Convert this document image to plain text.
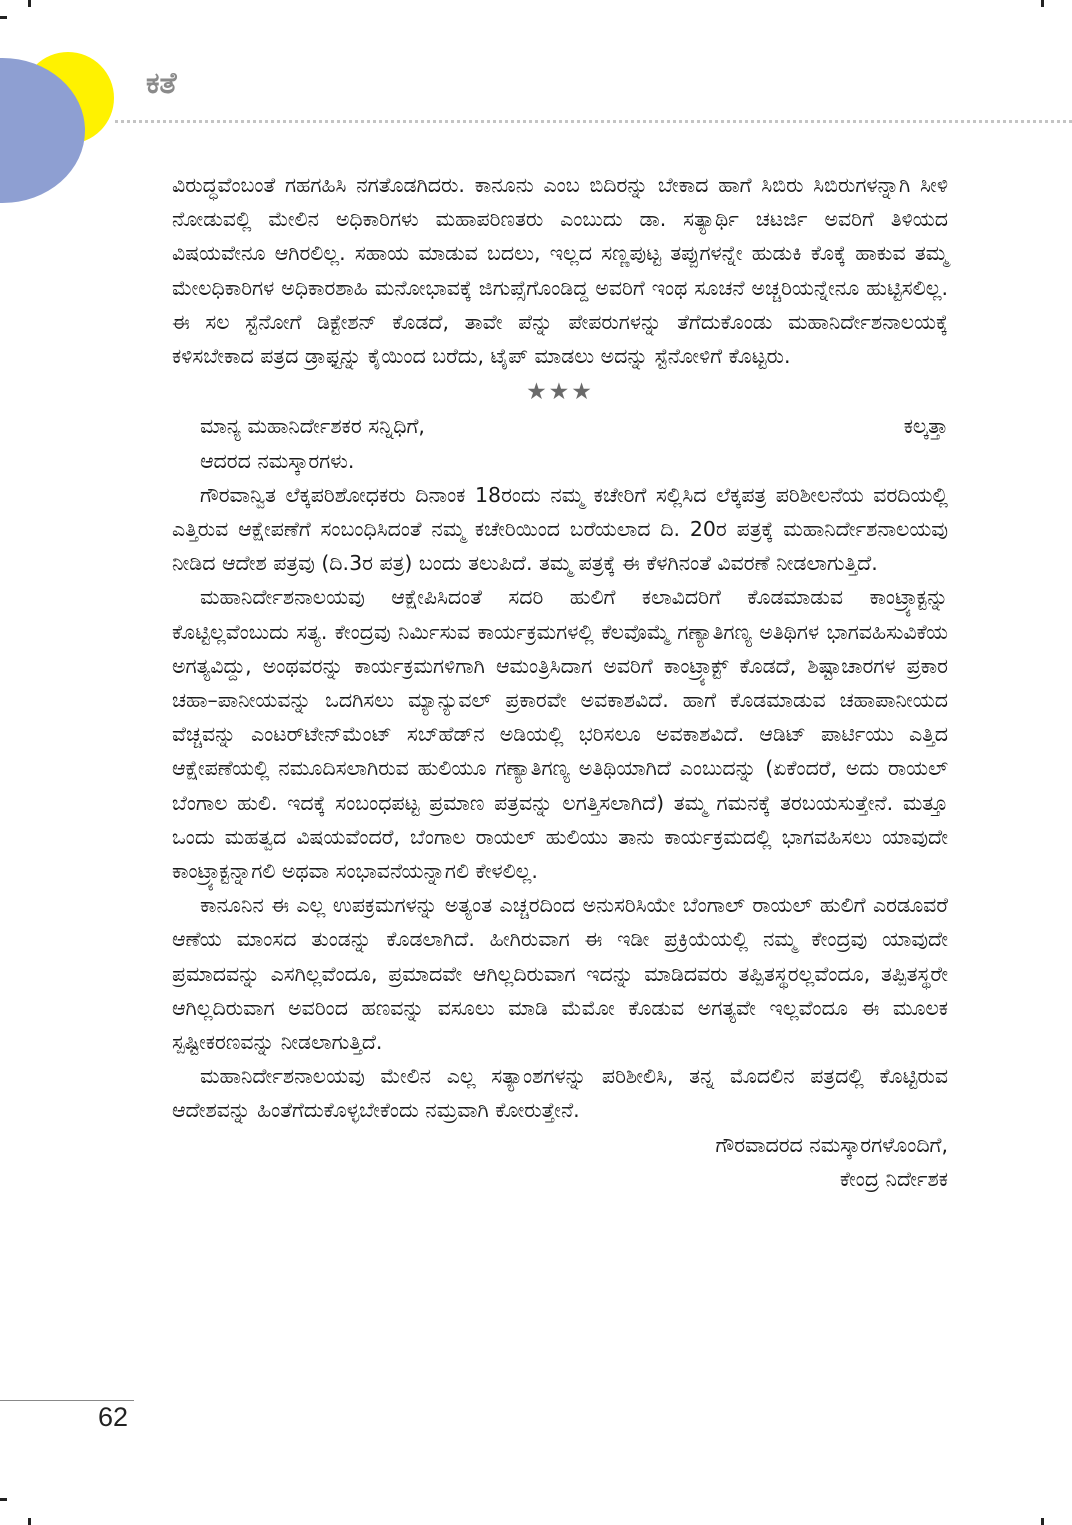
ಕತೆ

ವಿರುದ್ಧವೆಂಬಂತೆ ಗಹಗಹಿಸಿ ನಗತೊಡಗಿದರು. ಕಾನೂನು ಎಂಬ ಬಿದಿರನ್ನು ಬೇಕಾದ ಹಾಗೆ ಸಿಬಿರು ಸಿಬಿರುಗಳನ್ನಾಗಿ ಸೀಳಿ ನೋಡುವಲ್ಲಿ ಮೇಲಿನ ಅಧಿಕಾರಿಗಳು ಮಹಾಪರಿಣತರು ಎಂಬುದು ಡಾ. ಸತ್ಯಾರ್ಥಿ ಚಟರ್ಜಿ ಅವರಿಗೆ ತಿಳಿಯದ ವಿಷಯವೇನೂ ಆಗಿರಲಿಲ್ಲ. ಸಹಾಯ ಮಾಡುವ ಬದಲು, ಇಲ್ಲದ ಸಣ್ಣಪುಟ್ಟ ತಪ್ಪುಗಳನ್ನೇ ಹುಡುಕಿ ಕೊಕ್ಕೆ ಹಾಕುವ ತಮ್ಮ ಮೇಲಧಿಕಾರಿಗಳ ಅಧಿಕಾರಶಾಹಿ ಮನೋಭಾವಕ್ಕೆ ಜಿಗುಪ್ಸೆಗೊಂಡಿದ್ದ ಅವರಿಗೆ ಇಂಥ ಸೂಚನೆ ಅಚ್ಚರಿಯನ್ನೇನೂ ಹುಟ್ಟಿಸಲಿಲ್ಲ. ಈ ಸಲ ಸ್ಟೆನೋಗೆ ಡಿಕ್ಟೇಶನ್ ಕೊಡದೆ, ತಾವೇ ಪೆನ್ನು ಪೇಪರುಗಳನ್ನು ತೆಗೆದುಕೊಂಡು ಮಹಾನಿರ್ದೇಶನಾಲಯಕ್ಕೆ ಕಳಿಸಬೇಕಾದ ಪತ್ರದ ಡ್ರಾಫ್ಟನ್ನು ಕೈಯಿಂದ ಬರೆದು, ಟೈಪ್ ಮಾಡಲು ಅದನ್ನು ಸ್ಟೆನೋಳಿಗೆ ಕೊಟ್ಟರು.

★★★
ಮಾನ್ಯ ಮಹಾನಿರ್ದೇಶಕರ ಸನ್ನಿಧಿಗೆ,	ಕಲ್ಕತ್ತಾ

ಆದರದ ನಮಸ್ಕಾರಗಳು.

ಗೌರವಾನ್ವಿತ ಲೆಕ್ಕಪರಿಶೋಧಕರು ದಿನಾಂಕ 18ರಂದು ನಮ್ಮ ಕಚೇರಿಗೆ ಸಲ್ಲಿಸಿದ ಲೆಕ್ಕಪತ್ರ ಪರಿಶೀಲನೆಯ ವರದಿಯಲ್ಲಿ ಎತ್ತಿರುವ ಆಕ್ಷೇಪಣೆಗೆ ಸಂಬಂಧಿಸಿದಂತೆ ನಮ್ಮ ಕಚೇರಿಯಿಂದ ಬರೆಯಲಾದ ದಿ. 20ರ ಪತ್ರಕ್ಕೆ ಮಹಾನಿರ್ದೇಶನಾಲಯವು ನೀಡಿದ ಆದೇಶ ಪತ್ರವು (ದಿ.3ರ ಪತ್ರ) ಬಂದು ತಲುಪಿದೆ. ತಮ್ಮ ಪತ್ರಕ್ಕೆ ಈ ಕೆಳಗಿನಂತೆ ವಿವರಣೆ ನೀಡಲಾಗುತ್ತಿದೆ.

ಮಹಾನಿರ್ದೇಶನಾಲಯವು ಆಕ್ಷೇಪಿಸಿದಂತೆ ಸದರಿ ಹುಲಿಗೆ ಕಲಾವಿದರಿಗೆ ಕೊಡಮಾಡುವ ಕಾಂಟ್ರ್ಯಾಕ್ಟನ್ನು ಕೊಟ್ಟಿಲ್ಲವೆಂಬುದು ಸತ್ಯ. ಕೇಂದ್ರವು ನಿರ್ಮಿಸುವ ಕಾರ್ಯಕ್ರಮಗಳಲ್ಲಿ ಕೆಲವೊಮ್ಮೆ ಗಣ್ಯಾತಿಗಣ್ಯ ಅತಿಥಿಗಳ ಭಾಗವಹಿಸುವಿಕೆಯ ಅಗತ್ಯವಿದ್ದು, ಅಂಥವರನ್ನು ಕಾರ್ಯಕ್ರಮಗಳಿಗಾಗಿ ಆಮಂತ್ರಿಸಿದಾಗ ಅವರಿಗೆ ಕಾಂಟ್ರ್ಯಾಕ್ಟ್ ಕೊಡದೆ, ಶಿಷ್ಟಾಚಾರಗಳ ಪ್ರಕಾರ ಚಹಾ–ಪಾನೀಯವನ್ನು ಒದಗಿಸಲು ಮ್ಯಾನ್ಯುವಲ್ ಪ್ರಕಾರವೇ ಅವಕಾಶವಿದೆ. ಹಾಗೆ ಕೊಡಮಾಡುವ ಚಹಾಪಾನೀಯದ ವೆಚ್ಚವನ್ನು ಎಂಟರ್‌ಟೇನ್‌ಮೆಂಟ್ ಸಬ್‌ಹೆಡ್‌ನ ಅಡಿಯಲ್ಲಿ ಭರಿಸಲೂ ಅವಕಾಶವಿದೆ. ಆಡಿಟ್ ಪಾರ್ಟಿಯು ಎತ್ತಿದ ಆಕ್ಷೇಪಣೆಯಲ್ಲಿ ನಮೂದಿಸಲಾಗಿರುವ ಹುಲಿಯೂ ಗಣ್ಯಾತಿಗಣ್ಯ ಅತಿಥಿಯಾಗಿದೆ ಎಂಬುದನ್ನು (ಏಕೆಂದರೆ, ಅದು ರಾಯಲ್ ಬೆಂಗಾಲ ಹುಲಿ. ಇದಕ್ಕೆ ಸಂಬಂಧಪಟ್ಟ ಪ್ರಮಾಣ ಪತ್ರವನ್ನು ಲಗತ್ತಿಸಲಾಗಿದೆ) ತಮ್ಮ ಗಮನಕ್ಕೆ ತರಬಯಸುತ್ತೇನೆ. ಮತ್ತೂ ಒಂದು ಮಹತ್ವದ ವಿಷಯವೆಂದರೆ, ಬೆಂಗಾಲ ರಾಯಲ್ ಹುಲಿಯು ತಾನು ಕಾರ್ಯಕ್ರಮದಲ್ಲಿ ಭಾಗವಹಿಸಲು ಯಾವುದೇ ಕಾಂಟ್ರ್ಯಾಕ್ಟನ್ನಾಗಲಿ ಅಥವಾ ಸಂಭಾವನೆಯನ್ನಾಗಲಿ ಕೇಳಲಿಲ್ಲ.

ಕಾನೂನಿನ ಈ ಎಲ್ಲ ಉಪಕ್ರಮಗಳನ್ನು ಅತ್ಯಂತ ಎಚ್ಚರದಿಂದ ಅನುಸರಿಸಿಯೇ ಬೆಂಗಾಲ್ ರಾಯಲ್ ಹುಲಿಗೆ ಎರಡೂವರೆ ಆಣೆಯ ಮಾಂಸದ ತುಂಡನ್ನು ಕೊಡಲಾಗಿದೆ. ಹೀಗಿರುವಾಗ ಈ ಇಡೀ ಪ್ರಕ್ರಿಯೆಯಲ್ಲಿ ನಮ್ಮ ಕೇಂದ್ರವು ಯಾವುದೇ ಪ್ರಮಾದವನ್ನು ಎಸಗಿಲ್ಲವೆಂದೂ, ಪ್ರಮಾದವೇ ಆಗಿಲ್ಲದಿರುವಾಗ ಇದನ್ನು ಮಾಡಿದವರು ತಪ್ಪಿತಸ್ಥರಲ್ಲವೆಂದೂ, ತಪ್ಪಿತಸ್ಥರೇ ಆಗಿಲ್ಲದಿರುವಾಗ ಅವರಿಂದ ಹಣವನ್ನು ವಸೂಲು ಮಾಡಿ ಮೆಮೋ ಕೊಡುವ ಅಗತ್ಯವೇ ಇಲ್ಲವೆಂದೂ ಈ ಮೂಲಕ ಸ್ಪಷ್ಟೀಕರಣವನ್ನು ನೀಡಲಾಗುತ್ತಿದೆ.

ಮಹಾನಿರ್ದೇಶನಾಲಯವು ಮೇಲಿನ ಎಲ್ಲ ಸತ್ಯಾಂಶಗಳನ್ನು ಪರಿಶೀಲಿಸಿ, ತನ್ನ ಮೊದಲಿನ ಪತ್ರದಲ್ಲಿ ಕೊಟ್ಟಿರುವ ಆದೇಶವನ್ನು ಹಿಂತೆಗೆದುಕೊಳ್ಳಬೇಕೆಂದು ನಮ್ರವಾಗಿ ಕೋರುತ್ತೇನೆ.

ಗೌರವಾದರದ ನಮಸ್ಕಾರಗಳೊಂದಿಗೆ,

ಕೇಂದ್ರ ನಿರ್ದೇಶಕ

62
